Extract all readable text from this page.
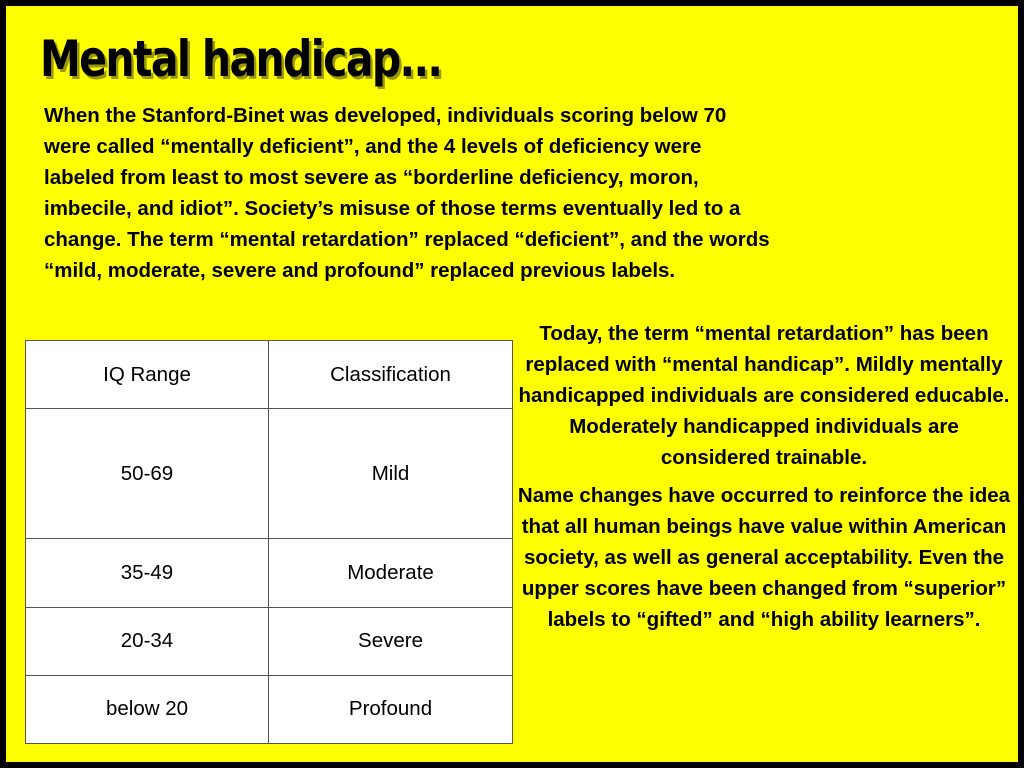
Mental handicap...

When the Stanford-Binet was developed, individuals scoring below 70
were called “mentally deficient”, and the 4 levels of deficiency were
labeled from least to most severe as “borderline deficiency, moron,
imbecile, and idiot”. Society’s misuse of those terms eventually led to a
change. The term “mental retardation” replaced “deficient”, and the words
“mild, moderate, severe and profound” replaced previous labels.

IQ Range	Classification
50-69	Mild
35-49	Moderate
20-34	Severe
below 20	Profound

Today, the term “mental retardation” has been replaced with “mental handicap”. Mildly mentally handicapped individuals are considered educable. Moderately handicapped individuals are considered trainable.

Name changes have occurred to reinforce the idea that all human beings have value within American society, as well as general acceptability. Even the upper scores have been changed from “superior” labels to “gifted” and “high ability learners”.
